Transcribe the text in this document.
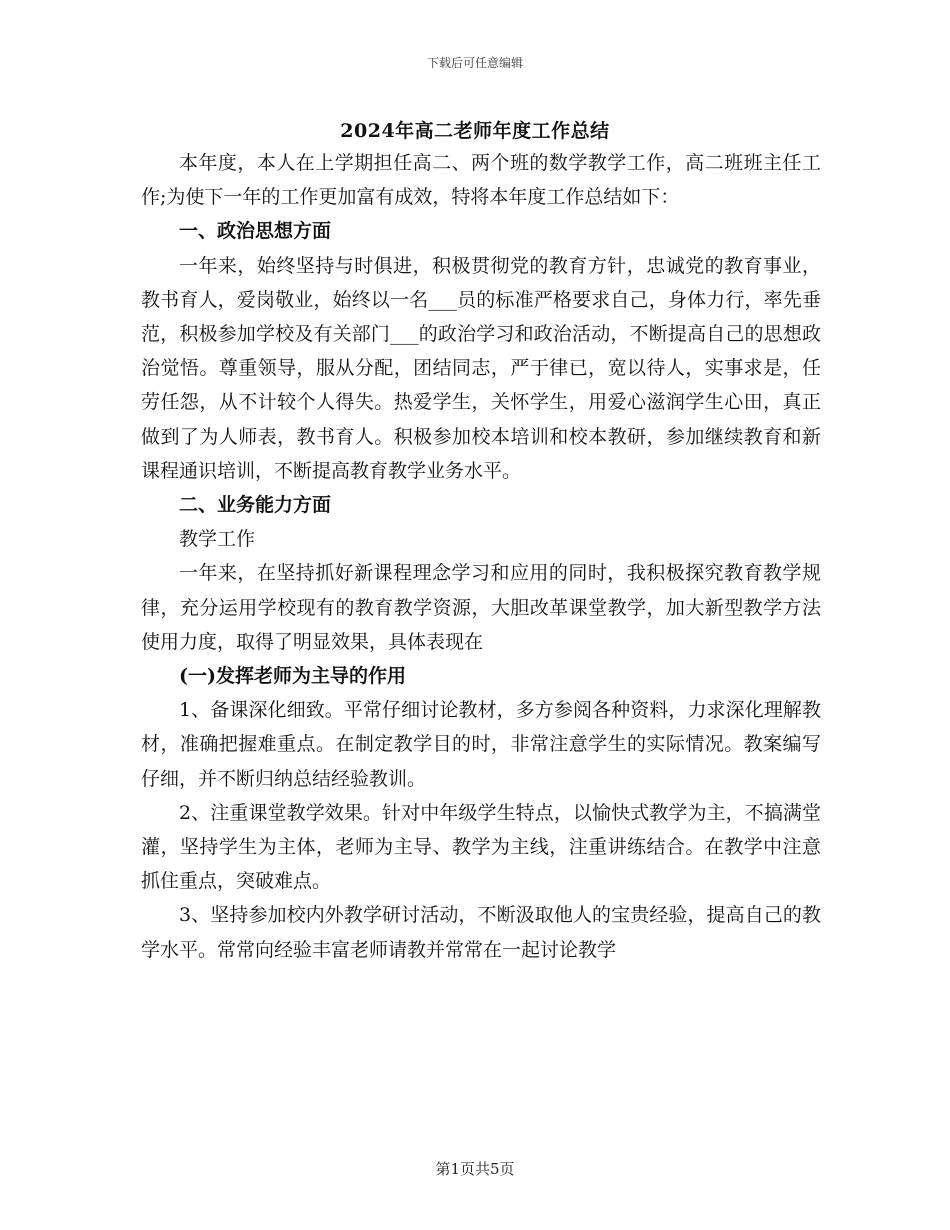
下载后可任意编辑
2024年高二老师年度工作总结

本年度，本人在上学期担任高二、两个班的数学教学工作，高二班班主任工作;为使下一年的工作更加富有成效，特将本年度工作总结如下：

一、政治思想方面

一年来，始终坚持与时俱进，积极贯彻党的教育方针，忠诚党的教育事业，教书育人，爱岗敬业，始终以一名___员的标准严格要求自己，身体力行，率先垂范，积极参加学校及有关部门___的政治学习和政治活动，不断提高自己的思想政治觉悟。尊重领导，服从分配，团结同志，严于律已，宽以待人，实事求是，任劳任怨，从不计较个人得失。热爱学生，关怀学生，用爱心滋润学生心田，真正做到了为人师表，教书育人。积极参加校本培训和校本教研，参加继续教育和新课程通识培训，不断提高教育教学业务水平。

二、业务能力方面

教学工作

一年来，在坚持抓好新课程理念学习和应用的同时，我积极探究教育教学规律，充分运用学校现有的教育教学资源，大胆改革课堂教学，加大新型教学方法使用力度，取得了明显效果，具体表现在

(一)发挥老师为主导的作用

1、备课深化细致。平常仔细讨论教材，多方参阅各种资料，力求深化理解教材，准确把握难重点。在制定教学目的时，非常注意学生的实际情况。教案编写仔细，并不断归纳总结经验教训。

2、注重课堂教学效果。针对中年级学生特点，以愉快式教学为主，不搞满堂灌，坚持学生为主体，老师为主导、教学为主线，注重讲练结合。在教学中注意抓住重点，突破难点。

3、坚持参加校内外教学研讨活动，不断汲取他人的宝贵经验，提高自己的教学水平。常常向经验丰富老师请教并常常在一起讨论教学

第1页共5页
